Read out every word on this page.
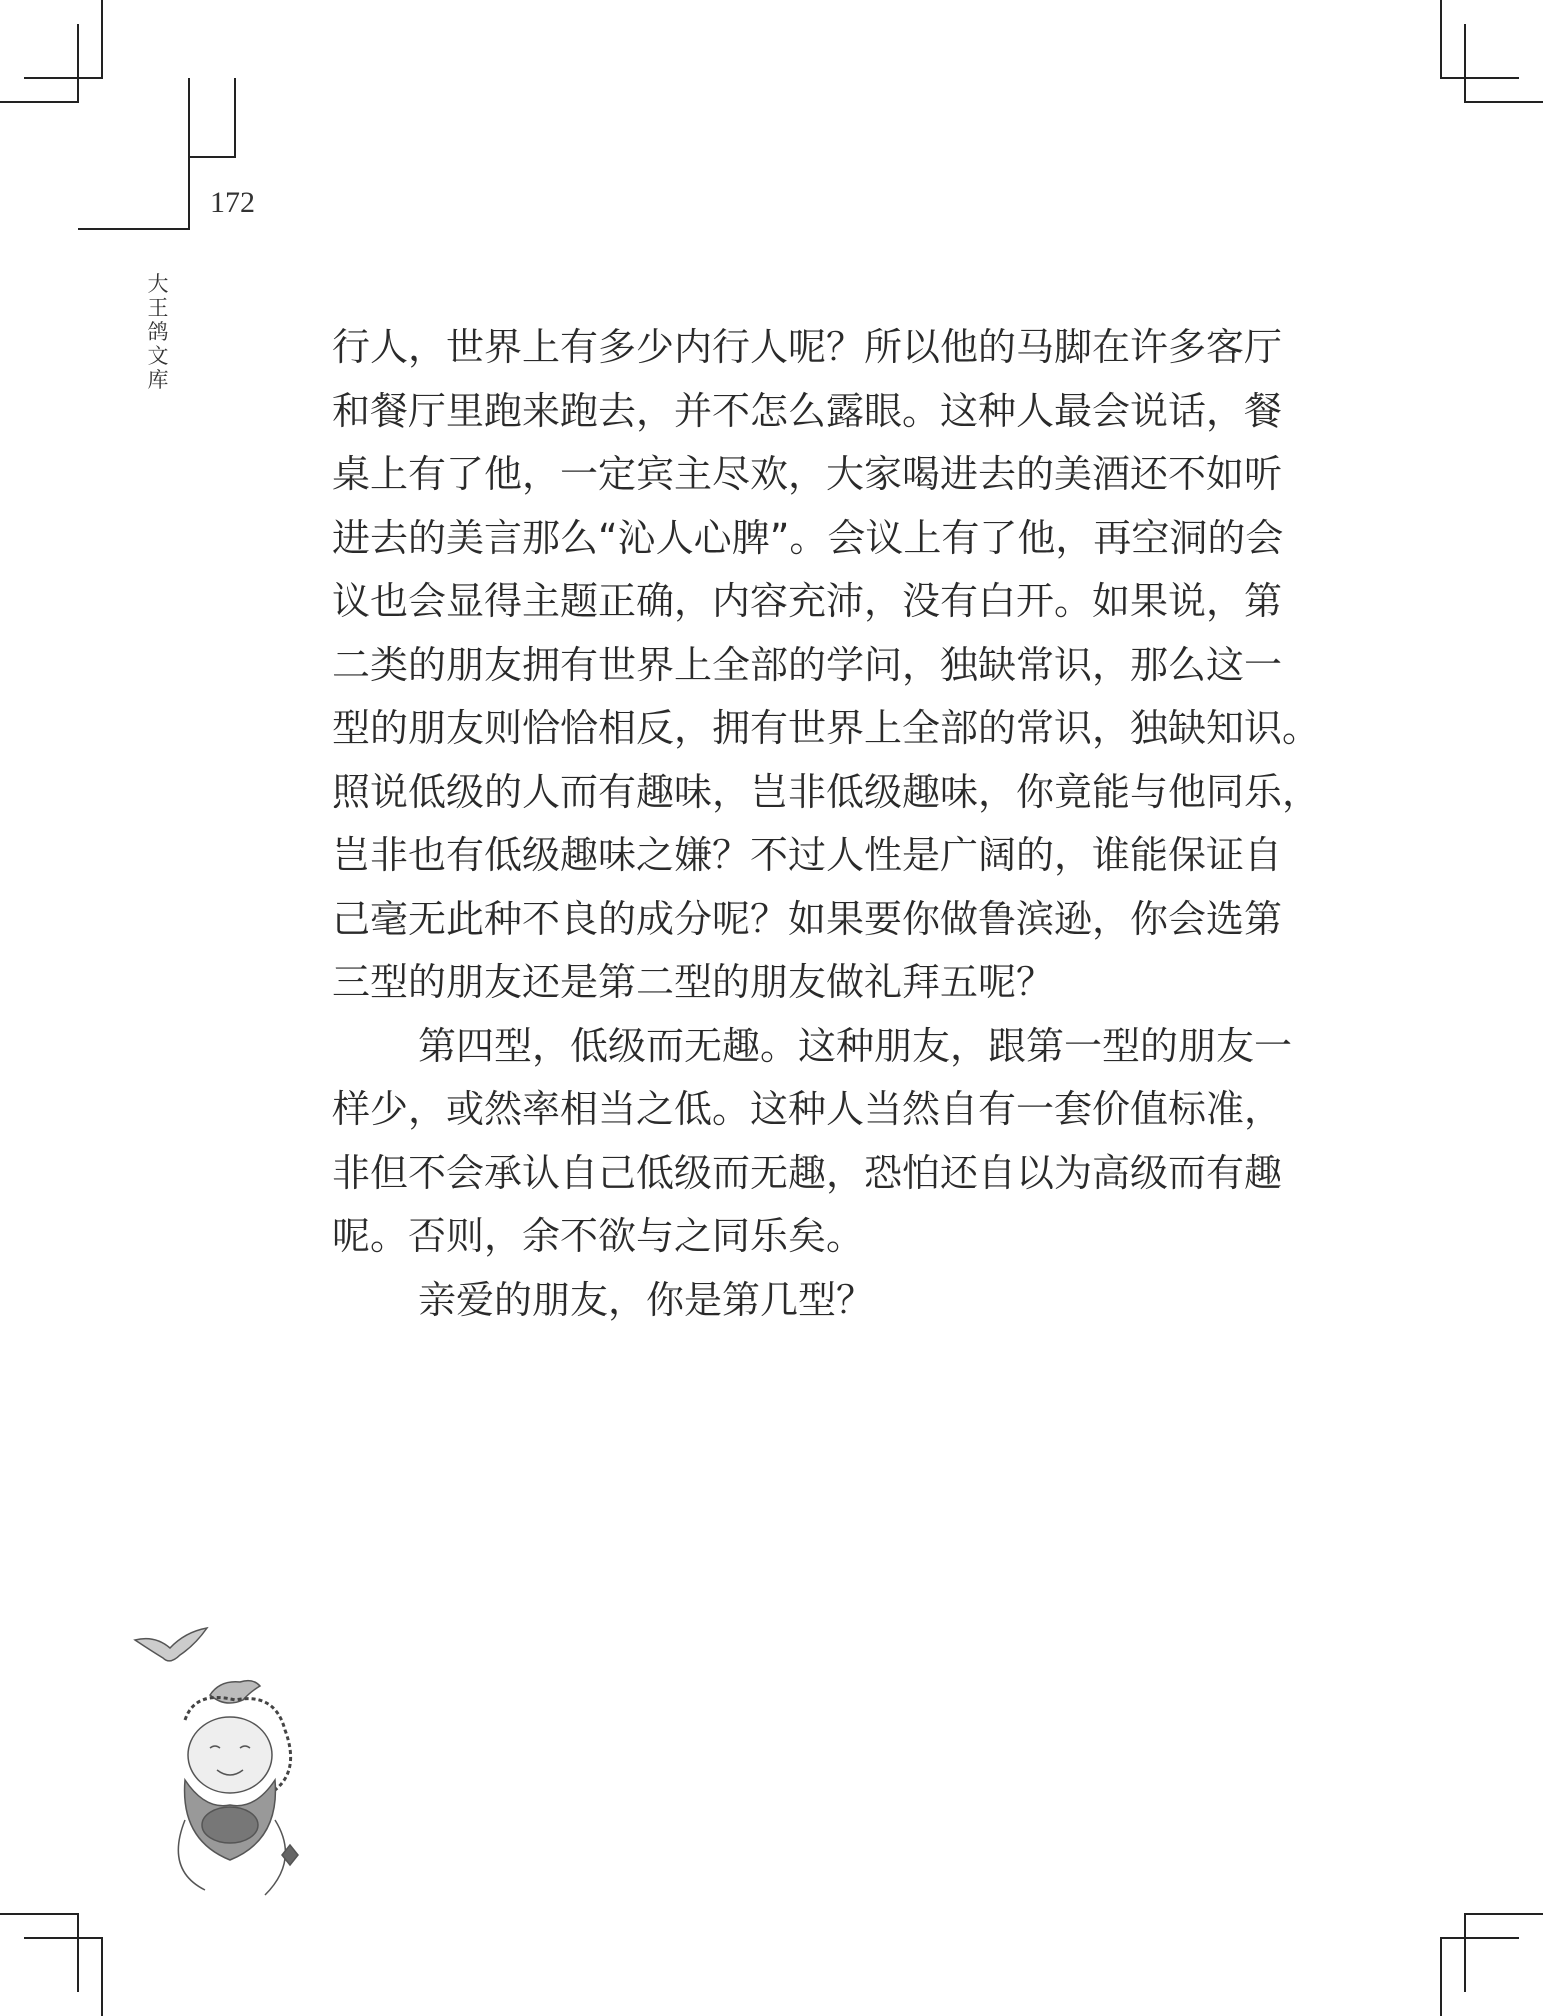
172
大
王
鸽
文
库
行人，世界上有多少内行人呢？所以他的马脚在许多客厅
和餐厅里跑来跑去，并不怎么露眼。这种人最会说话，餐
桌上有了他，一定宾主尽欢，大家喝进去的美酒还不如听
进去的美言那么“沁人心脾”。会议上有了他，再空洞的会
议也会显得主题正确，内容充沛，没有白开。如果说，第
二类的朋友拥有世界上全部的学问，独缺常识，那么这一
型的朋友则恰恰相反，拥有世界上全部的常识，独缺知识。
照说低级的人而有趣味，岂非低级趣味，你竟能与他同乐，
岂非也有低级趣味之嫌？不过人性是广阔的，谁能保证自
己毫无此种不良的成分呢？如果要你做鲁滨逊，你会选第
三型的朋友还是第二型的朋友做礼拜五呢？
第四型，低级而无趣。这种朋友，跟第一型的朋友一
样少，或然率相当之低。这种人当然自有一套价值标准，
非但不会承认自己低级而无趣，恐怕还自以为高级而有趣
呢。否则，余不欲与之同乐矣。
亲爱的朋友，你是第几型？
